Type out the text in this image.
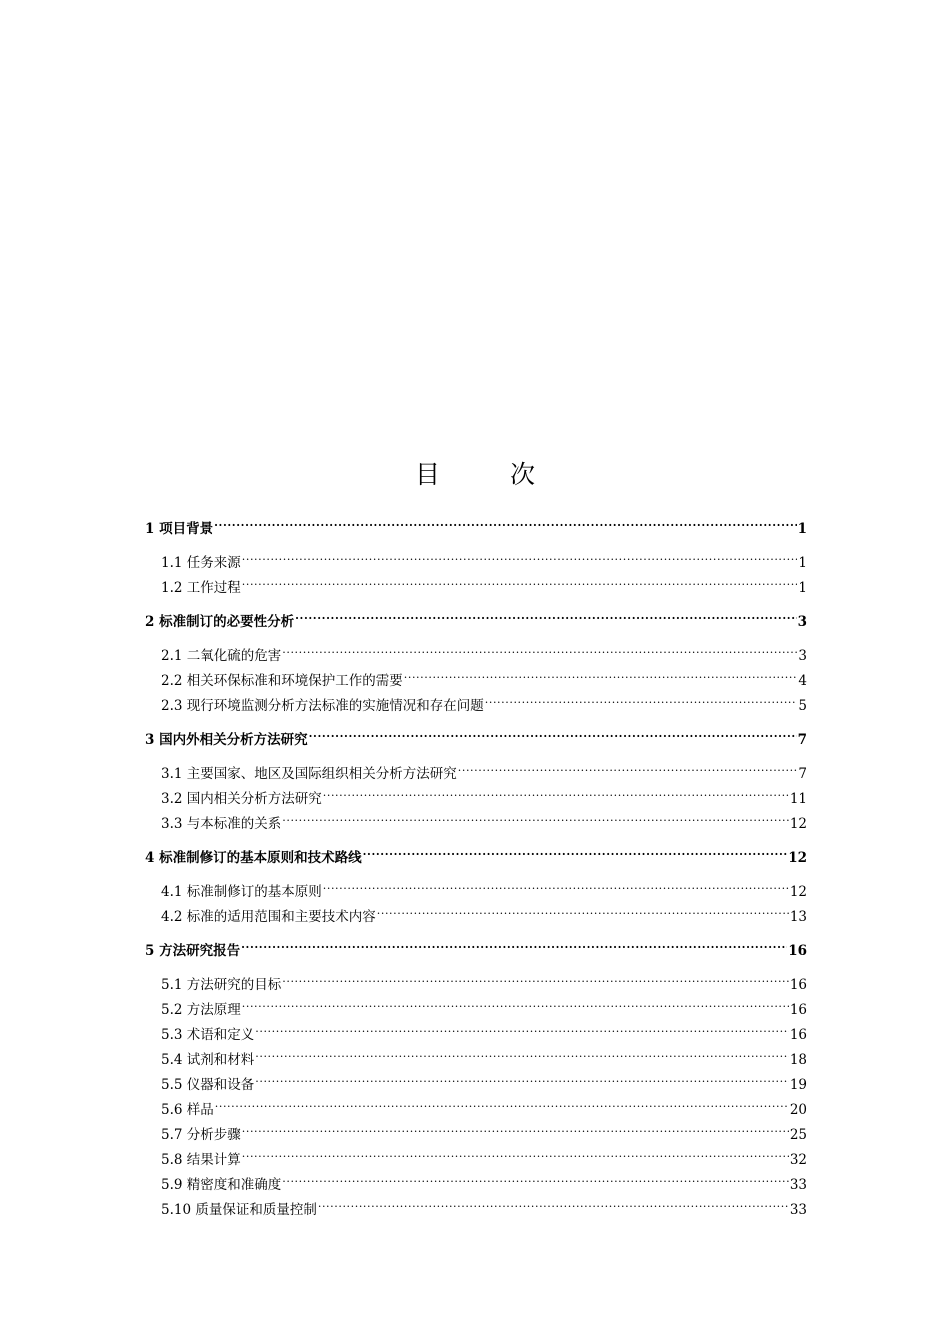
目	次
1 项目背景 .....	1
1.1 任务来源 .....	1
1.2 工作过程 .....	1
2 标准制订的必要性分析 .....	3
2.1 二氧化硫的危害 .....	3
2.2 相关环保标准和环境保护工作的需要 .....	4
2.3 现行环境监测分析方法标准的实施情况和存在问题 .....	5
3 国内外相关分析方法研究 .....	7
3.1 主要国家、地区及国际组织相关分析方法研究 .....	7
3.2 国内相关分析方法研究 .....	11
3.3 与本标准的关系 .....	12
4 标准制修订的基本原则和技术路线 .....	12
4.1 标准制修订的基本原则 .....	12
4.2 标准的适用范围和主要技术内容 .....	13
5 方法研究报告 .....	16
5.1 方法研究的目标 .....	16
5.2 方法原理 .....	16
5.3 术语和定义 .....	16
5.4 试剂和材料 .....	18
5.5 仪器和设备 .....	19
5.6 样品 .....	20
5.7 分析步骤 .....	25
5.8 结果计算 .....	32
5.9 精密度和准确度 .....	33
5.10 质量保证和质量控制 .....	33
